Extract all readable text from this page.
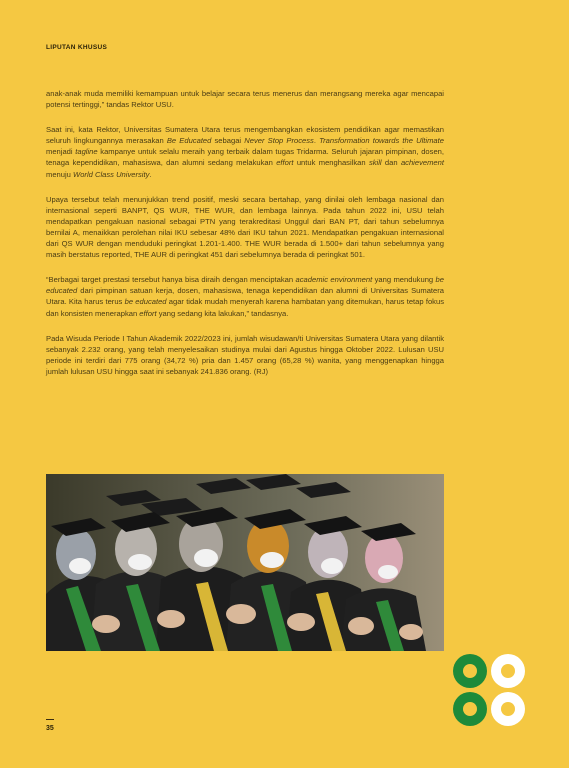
LIPUTAN KHUSUS

anak-anak muda memiliki kemampuan untuk belajar secara terus menerus dan merangsang mereka agar mencapai potensi tertinggi,” tandas Rektor USU.

Saat ini, kata Rektor, Universitas Sumatera Utara terus mengembangkan ekosistem pendidikan agar memastikan seluruh lingkungannya merasakan Be Educated sebagai Never Stop Process. Transformation towards the Ultimate menjadi tagline kampanye untuk selalu meraih yang terbaik dalam tugas Tridarma. Seluruh jajaran pimpinan, dosen, tenaga kependidikan, mahasiswa, dan alumni sedang melakukan effort untuk menghasilkan skill dan achievement menuju World Class University.

Upaya tersebut telah menunjukkan trend positif, meski secara bertahap, yang dinilai oleh lembaga nasional dan internasional seperti BANPT, QS WUR, THE WUR, dan lembaga lainnya. Pada tahun 2022 ini, USU telah mendapatkan pengakuan nasional sebagai PTN yang terakreditasi Unggul dari BAN PT, dari tahun sebelumnya bernilai A, menaikkan perolehan nilai IKU sebesar 48% dari IKU tahun 2021. Mendapatkan pengakuan internasional dari QS WUR dengan menduduki peringkat 1.201-1.400. THE WUR berada di 1.500+ dari tahun sebelumnya yang masih berstatus reported, THE AUR di peringkat 451 dari sebelumnya berada di peringkat 501.

“Berbagai target prestasi tersebut hanya bisa diraih dengan menciptakan academic environment yang mendukung be educated dari pimpinan satuan kerja, dosen, mahasiswa, tenaga kependidikan dan alumni di Universitas Sumatera Utara. Kita harus terus be educated agar tidak mudah menyerah karena hambatan yang ditemukan, harus tetap fokus dan konsisten menerapkan effort yang sedang kita lakukan,” tandasnya.

Pada Wisuda Periode I Tahun Akademik 2022/2023 ini, jumlah wisudawan/ti Universitas Sumatera Utara yang dilantik sebanyak 2.232 orang, yang telah menyelesaikan studinya mulai dari Agustus hingga Oktober 2022. Lulusan USU periode ini terdiri dari 775 orang (34,72 %) pria dan 1.457 orang (65,28 %) wanita, yang menggenapkan hingga jumlah lulusan USU hingga saat ini sebanyak 241.836 orang. (RJ)

35
